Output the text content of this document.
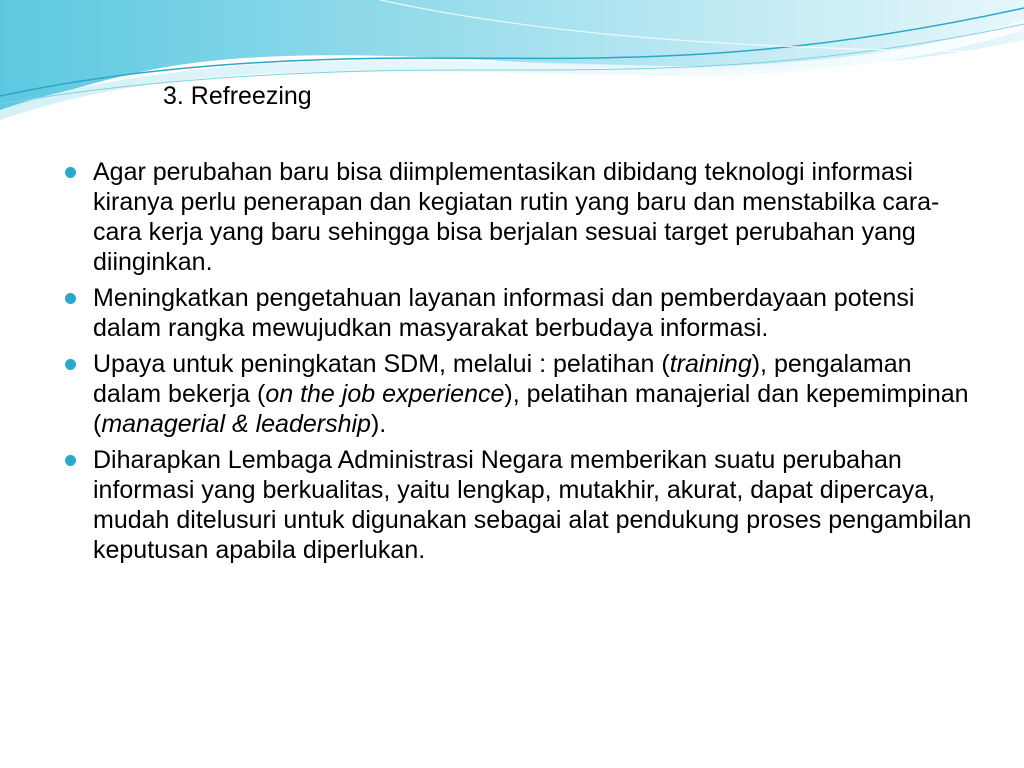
3. Refreezing
Agar perubahan baru bisa diimplementasikan dibidang teknologi informasi kiranya perlu penerapan dan kegiatan rutin yang baru dan menstabilka cara-cara kerja yang baru sehingga bisa berjalan sesuai target perubahan yang diinginkan.
Meningkatkan pengetahuan layanan informasi dan pemberdayaan potensi dalam rangka mewujudkan masyarakat berbudaya informasi.
Upaya untuk peningkatan SDM, melalui : pelatihan (training), pengalaman dalam bekerja (on the job experience), pelatihan manajerial dan kepemimpinan (managerial & leadership).
Diharapkan Lembaga Administrasi Negara memberikan suatu perubahan informasi yang berkualitas, yaitu lengkap, mutakhir, akurat, dapat dipercaya, mudah ditelusuri untuk digunakan sebagai alat pendukung proses pengambilan keputusan apabila diperlukan.
